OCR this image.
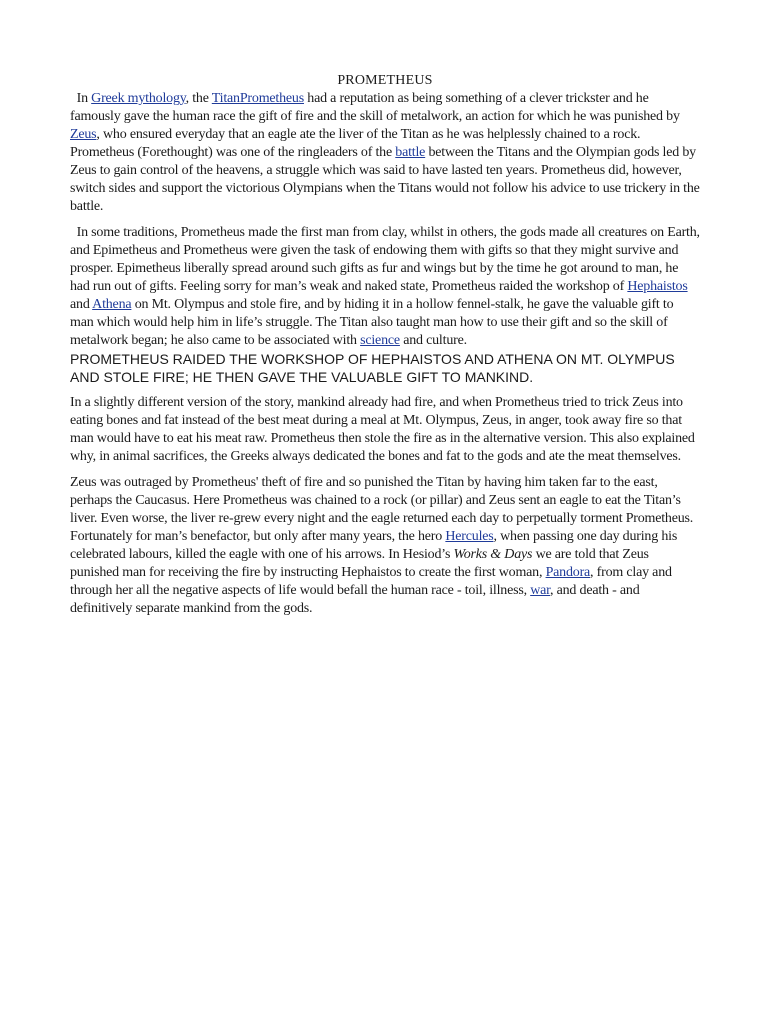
PROMETHEUS

In Greek mythology, the TitanPrometheus had a reputation as being something of a clever trickster and he famously gave the human race the gift of fire and the skill of metalwork, an action for which he was punished by Zeus, who ensured everyday that an eagle ate the liver of the Titan as he was helplessly chained to a rock.

Prometheus (Forethought) was one of the ringleaders of the battle between the Titans and the Olympian gods led by Zeus to gain control of the heavens, a struggle which was said to have lasted ten years. Prometheus did, however, switch sides and support the victorious Olympians when the Titans would not follow his advice to use trickery in the battle.

In some traditions, Prometheus made the first man from clay, whilst in others, the gods made all creatures on Earth, and Epimetheus and Prometheus were given the task of endowing them with gifts so that they might survive and prosper. Epimetheus liberally spread around such gifts as fur and wings but by the time he got around to man, he had run out of gifts. Feeling sorry for man’s weak and naked state, Prometheus raided the workshop of Hephaistos and Athena on Mt. Olympus and stole fire, and by hiding it in a hollow fennel-stalk, he gave the valuable gift to man which would help him in life’s struggle. The Titan also taught man how to use their gift and so the skill of metalwork began; he also came to be associated with science and culture.

PROMETHEUS RAIDED THE WORKSHOP OF HEPHAISTOS AND ATHENA ON MT. OLYMPUS AND STOLE FIRE; HE THEN GAVE THE VALUABLE GIFT TO MANKIND.

In a slightly different version of the story, mankind already had fire, and when Prometheus tried to trick Zeus into eating bones and fat instead of the best meat during a meal at Mt. Olympus, Zeus, in anger, took away fire so that man would have to eat his meat raw. Prometheus then stole the fire as in the alternative version. This also explained why, in animal sacrifices, the Greeks always dedicated the bones and fat to the gods and ate the meat themselves.

Zeus was outraged by Prometheus' theft of fire and so punished the Titan by having him taken far to the east, perhaps the Caucasus. Here Prometheus was chained to a rock (or pillar) and Zeus sent an eagle to eat the Titan’s liver. Even worse, the liver re-grew every night and the eagle returned each day to perpetually torment Prometheus. Fortunately for man’s benefactor, but only after many years, the hero Hercules, when passing one day during his celebrated labours, killed the eagle with one of his arrows. In Hesiod’s Works & Days we are told that Zeus punished man for receiving the fire by instructing Hephaistos to create the first woman, Pandora, from clay and through her all the negative aspects of life would befall the human race - toil, illness, war, and death - and definitively separate mankind from the gods.
